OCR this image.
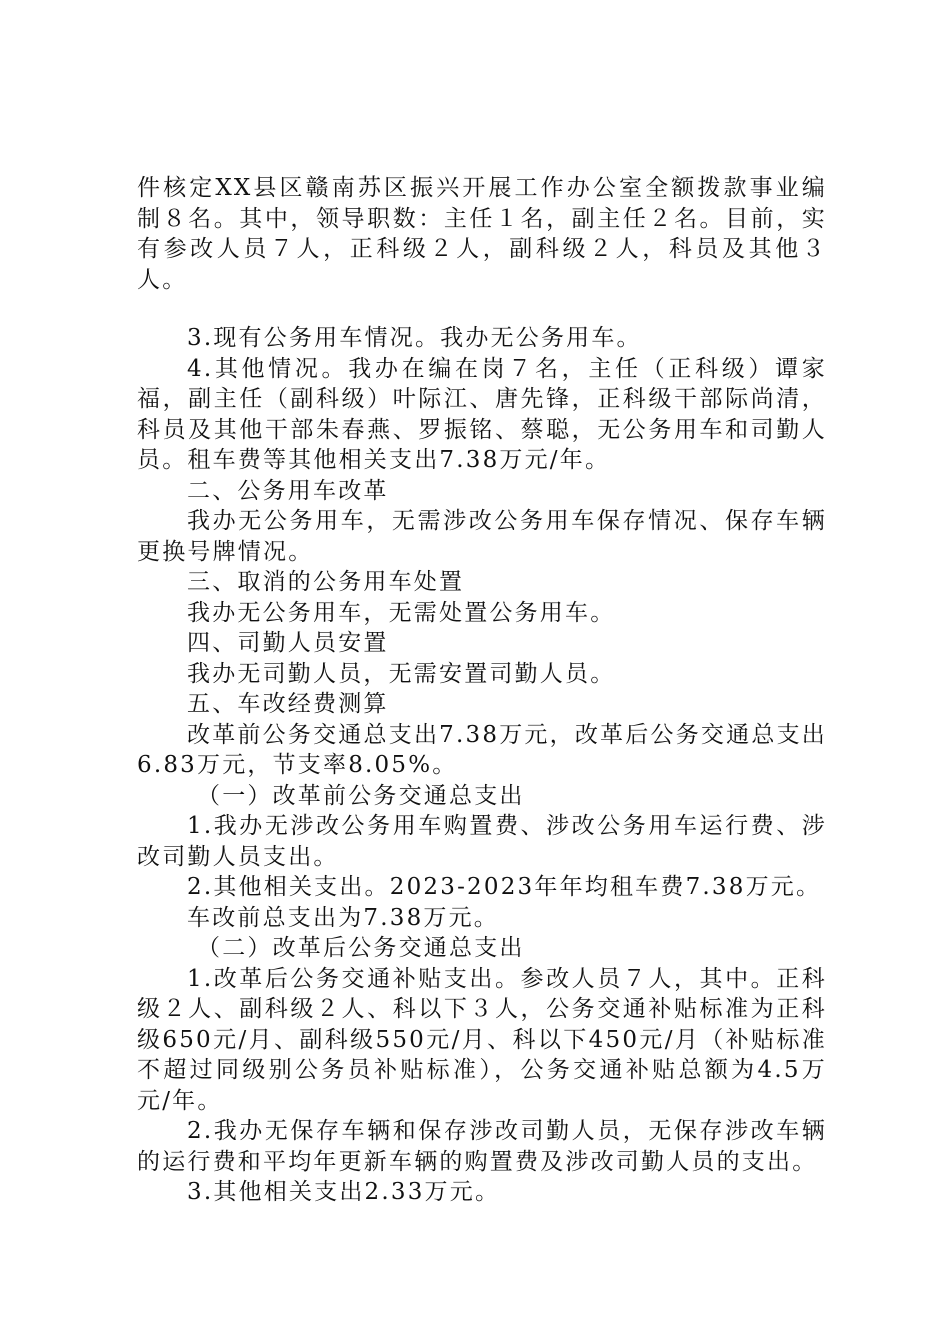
件核定XX县区赣南苏区振兴开展工作办公室全额拨款事业编制８名。其中，领导职数：主任１名，副主任２名。目前，实有参改人员７人，正科级２人，副科级２人，科员及其他３人。

3.现有公务用车情况。我办无公务用车。

4.其他情况。我办在编在岗７名，主任（正科级）谭家福，副主任（副科级）叶际江、唐先锋，正科级干部际尚清，科员及其他干部朱春燕、罗振铭、蔡聪，无公务用车和司勤人员。租车费等其他相关支出7.38万元/年。

二、公务用车改革

我办无公务用车，无需涉改公务用车保存情况、保存车辆更换号牌情况。

三、取消的公务用车处置

我办无公务用车，无需处置公务用车。

四、司勤人员安置

我办无司勤人员，无需安置司勤人员。

五、车改经费测算

改革前公务交通总支出7.38万元，改革后公务交通总支出6.83万元，节支率8.05%。

（一）改革前公务交通总支出

1.我办无涉改公务用车购置费、涉改公务用车运行费、涉改司勤人员支出。

2.其他相关支出。2023-2023年年均租车费7.38万元。

车改前总支出为7.38万元。

（二）改革后公务交通总支出

1.改革后公务交通补贴支出。参改人员７人，其中。正科级２人、副科级２人、科以下３人，公务交通补贴标准为正科级650元/月、副科级550元/月、科以下450元/月（补贴标准不超过同级别公务员补贴标准），公务交通补贴总额为4.5万元/年。

2.我办无保存车辆和保存涉改司勤人员，无保存涉改车辆的运行费和平均年更新车辆的购置费及涉改司勤人员的支出。

3.其他相关支出2.33万元。
